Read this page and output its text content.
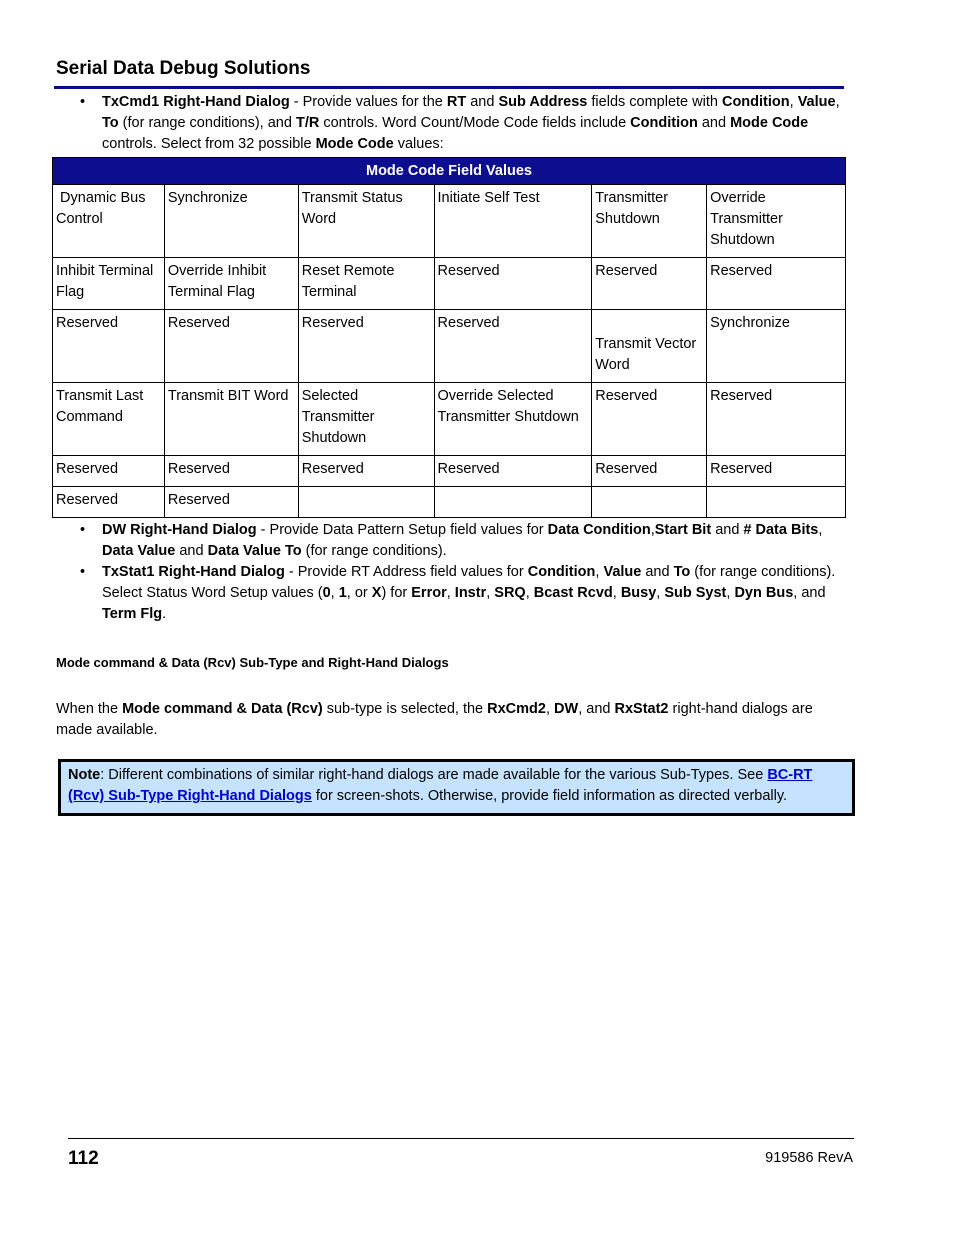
Serial Data Debug Solutions
• TxCmd1 Right-Hand Dialog - Provide values for the RT and Sub Address fields complete with Condition, Value, To (for range conditions), and T/R controls. Word Count/Mode Code fields include Condition and Mode Code controls. Select from 32 possible Mode Code values:
Mode Code Field Values					
Dynamic Bus Control	Synchronize	Transmit Status Word	Initiate Self Test	Transmitter Shutdown	Override Transmitter Shutdown
Inhibit Terminal Flag	Override Inhibit Terminal Flag	Reset Remote Terminal	Reserved	Reserved	Reserved
Reserved	Reserved	Reserved	Reserved	Transmit Vector Word	Synchronize
Transmit Last Command	Transmit BIT Word	Selected Transmitter Shutdown	Override Selected Transmitter Shutdown	Reserved	Reserved
Reserved	Reserved	Reserved	Reserved	Reserved	Reserved
Reserved	Reserved				
• DW Right-Hand Dialog - Provide Data Pattern Setup field values for Data Condition,Start Bit and # Data Bits, Data Value and Data Value To (for range conditions).
• TxStat1 Right-Hand Dialog - Provide RT Address field values for Condition, Value and To (for range conditions). Select Status Word Setup values (0, 1, or X) for Error, Instr, SRQ, Bcast Rcvd, Busy, Sub Syst, Dyn Bus, and Term Flg.
Mode command & Data (Rcv) Sub-Type and Right-Hand Dialogs
When the Mode command & Data (Rcv) sub-type is selected, the RxCmd2, DW, and RxStat2 right-hand dialogs are made available.
Note: Different combinations of similar right-hand dialogs are made available for the various Sub-Types. See BC-RT (Rcv) Sub-Type Right-Hand Dialogs for screen-shots. Otherwise, provide field information as directed verbally.
112	919586 RevA
